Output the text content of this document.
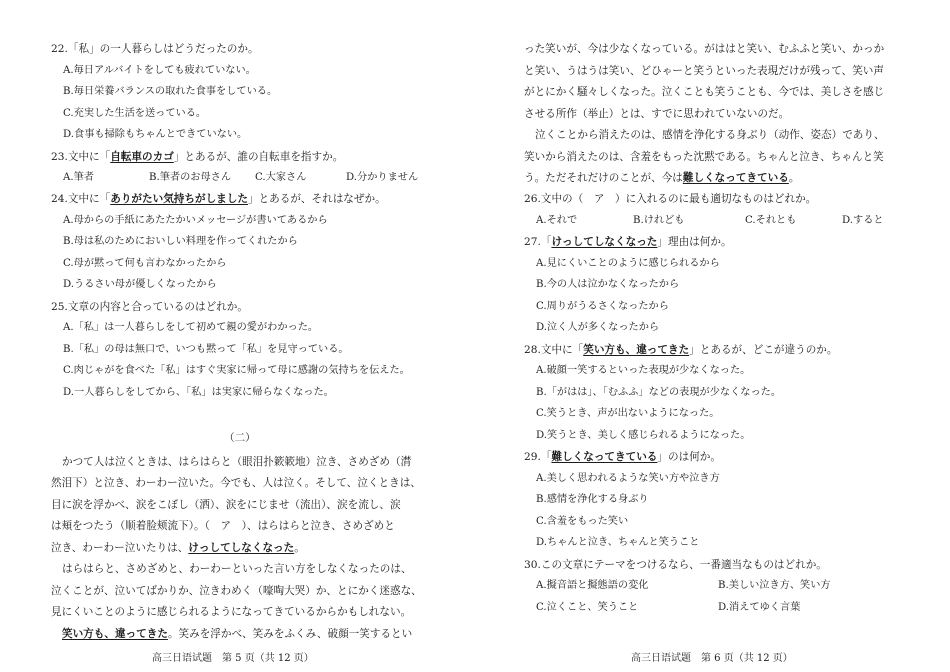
22.「私」の一人暮らしはどうだったのか。
A.毎日アルバイトをしても疲れていない。
B.毎日栄養バランスの取れた食事をしている。
C.充実した生活を送っている。
D.食事も掃除もちゃんとできていない。
23.文中に「自転車のカゴ」とあるが、誰の自転車を指すか。
A.筆者	B.筆者のお母さん C.大家さん	D.分かりません
24.文中に「ありがたい気持ちがしました」とあるが、それはなぜか。
A.母からの手紙にあたたかいメッセージが書いてあるから
B.母は私のためにおいしい料理を作ってくれたから
C.母が黙って何も言わなかったから
D.うるさい母が優しくなったから
25.文章の内容と合っているのはどれか。
A.「私」は一人暮らしをして初めて親の愛がわかった。
B.「私」の母は無口で、いつも黙って「私」を見守っている。
C.肉じゃがを食べた「私」はすぐ実家に帰って母に感謝の気持ちを伝えた。
D.一人暮らしをしてから、「私」は実家に帰らなくなった。
（二）
かつて人は泣くときは、はらはらと（眼泪扑簌簌地）泣き、さめざめ（潸
然泪下）と泣き、わーわー泣いた。今でも、人は泣く。そして、泣くときは、
目に涙を浮かべ、涙をこぼし（洒）、涙をにじませ（流出）、涙を流し、涙
は頬をつたう（顺着脸颊流下）。（　ア　）、はらはらと泣き、さめざめと
泣き、わーわー泣いたりは、けっしてしなくなった。
はらはらと、さめざめと、わーわーといった言い方をしなくなったのは、
泣くことが、泣いてばかりか、泣きわめく（嚎啕大哭）か、とにかく迷惑な、
見にくいことのように感じられるようになってきているからかもしれない。
笑い方も、違ってきた。笑みを浮かべ、笑みをふくみ、破顔一笑するとい
高三日语试题　第 5 页（共 12 页）
った笑いが、今は少なくなっている。がははと笑い、むふふと笑い、かっか
と笑い、うはうは笑い、どひゃーと笑うといった表現だけが残って、笑い声
がとにかく騒々しくなった。泣くことも笑うことも、今では、美しさを感じ
させる所作（举止）とは、すでに思われていないのだ。
泣くことから消えたのは、感情を浄化する身ぶり（动作、姿态）であり、
笑いから消えたのは、含羞をもった沈黙である。ちゃんと泣き、ちゃんと笑
う。ただそれだけのことが、今は難しくなってきている。
26.文中の（　ア　）に入れるのに最も適切なものはどれか。
A.それで	B.けれども	C.それとも	D.すると
27.「けっしてしなくなった」理由は何か。
A.見にくいことのように感じられるから
B.今の人は泣かなくなったから
C.周りがうるさくなったから
D.泣く人が多くなったから
28.文中に「笑い方も、違ってきた」とあるが、どこが違うのか。
A.破顔一笑するといった表現が少なくなった。
B.「がはは」、「むふふ」などの表現が少なくなった。
C.笑うとき、声が出ないようになった。
D.笑うとき、美しく感じられるようになった。
29.「難しくなってきている」のは何か。
A.美しく思われるような笑い方や泣き方
B.感情を浄化する身ぶり
C.含羞をもった笑い
D.ちゃんと泣き、ちゃんと笑うこと
30.この文章にテーマをつけるなら、一番適当なものはどれか。
A.擬音語と擬態語の変化	B.美しい泣き方、笑い方
C.泣くこと、笑うこと	D.消えてゆく言葉
高三日语试题　第 6 页（共 12 页）
